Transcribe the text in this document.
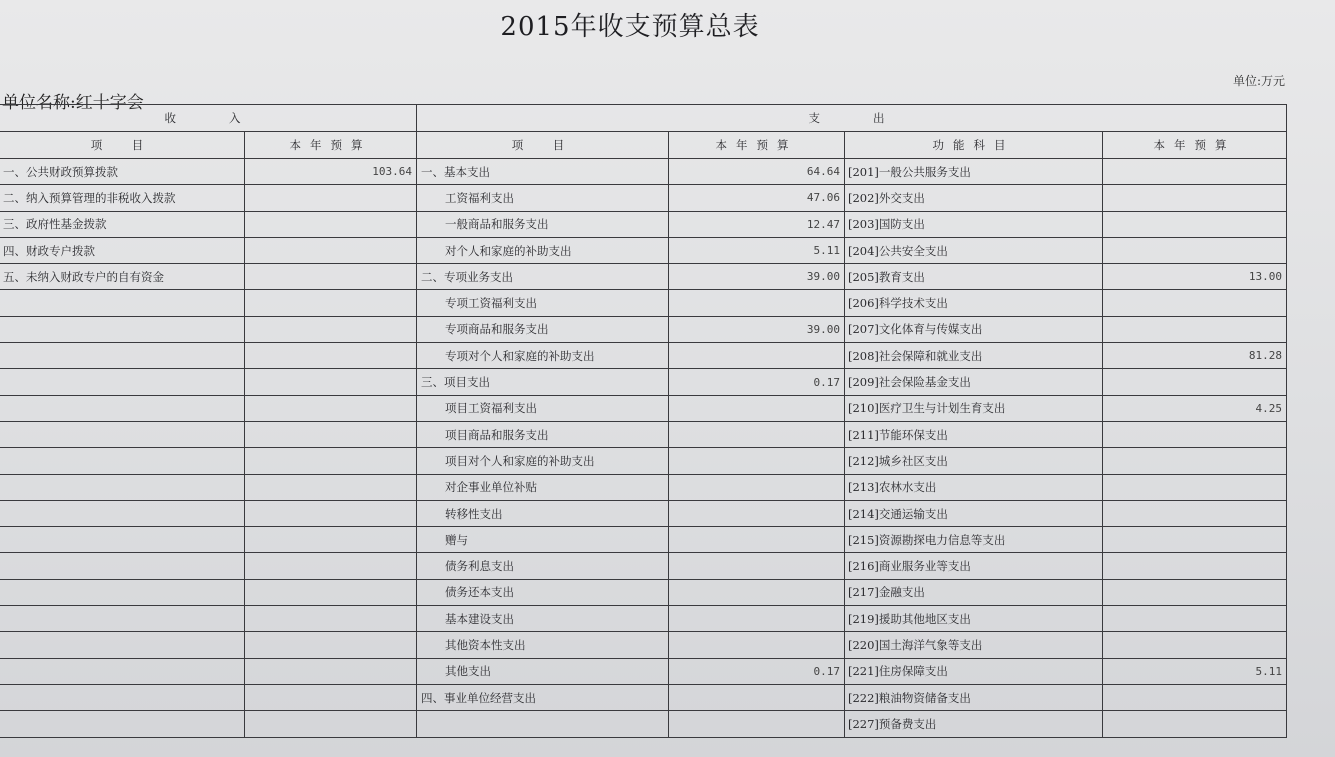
2015年收支预算总表
单位:万元
单位名称:红十字会
收　　入		支　　出			
项　目	本年预算	项　目	本年预算	功能科目	本年预算
一、公共财政预算拨款	103.64	一、基本支出	64.64	[201]一般公共服务支出	
二、纳入预算管理的非税收入拨款		工资福利支出	47.06	[202]外交支出	
三、政府性基金拨款		一般商品和服务支出	12.47	[203]国防支出	
四、财政专户拨款		对个人和家庭的补助支出	5.11	[204]公共安全支出	
五、未纳入财政专户的自有资金		二、专项业务支出	39.00	[205]教育支出	13.00
		专项工资福利支出		[206]科学技术支出	
		专项商品和服务支出	39.00	[207]文化体育与传媒支出	
		专项对个人和家庭的补助支出		[208]社会保障和就业支出	81.28
		三、项目支出	0.17	[209]社会保险基金支出	
		项目工资福利支出		[210]医疗卫生与计划生育支出	4.25
		项目商品和服务支出		[211]节能环保支出	
		项目对个人和家庭的补助支出		[212]城乡社区支出	
		对企事业单位补贴		[213]农林水支出	
		转移性支出		[214]交通运输支出	
		赠与		[215]资源勘探电力信息等支出	
		债务利息支出		[216]商业服务业等支出	
		债务还本支出		[217]金融支出	
		基本建设支出		[219]援助其他地区支出	
		其他资本性支出		[220]国土海洋气象等支出	
		其他支出	0.17	[221]住房保障支出	5.11
		四、事业单位经营支出		[222]粮油物资储备支出	
				[227]预备费支出	
